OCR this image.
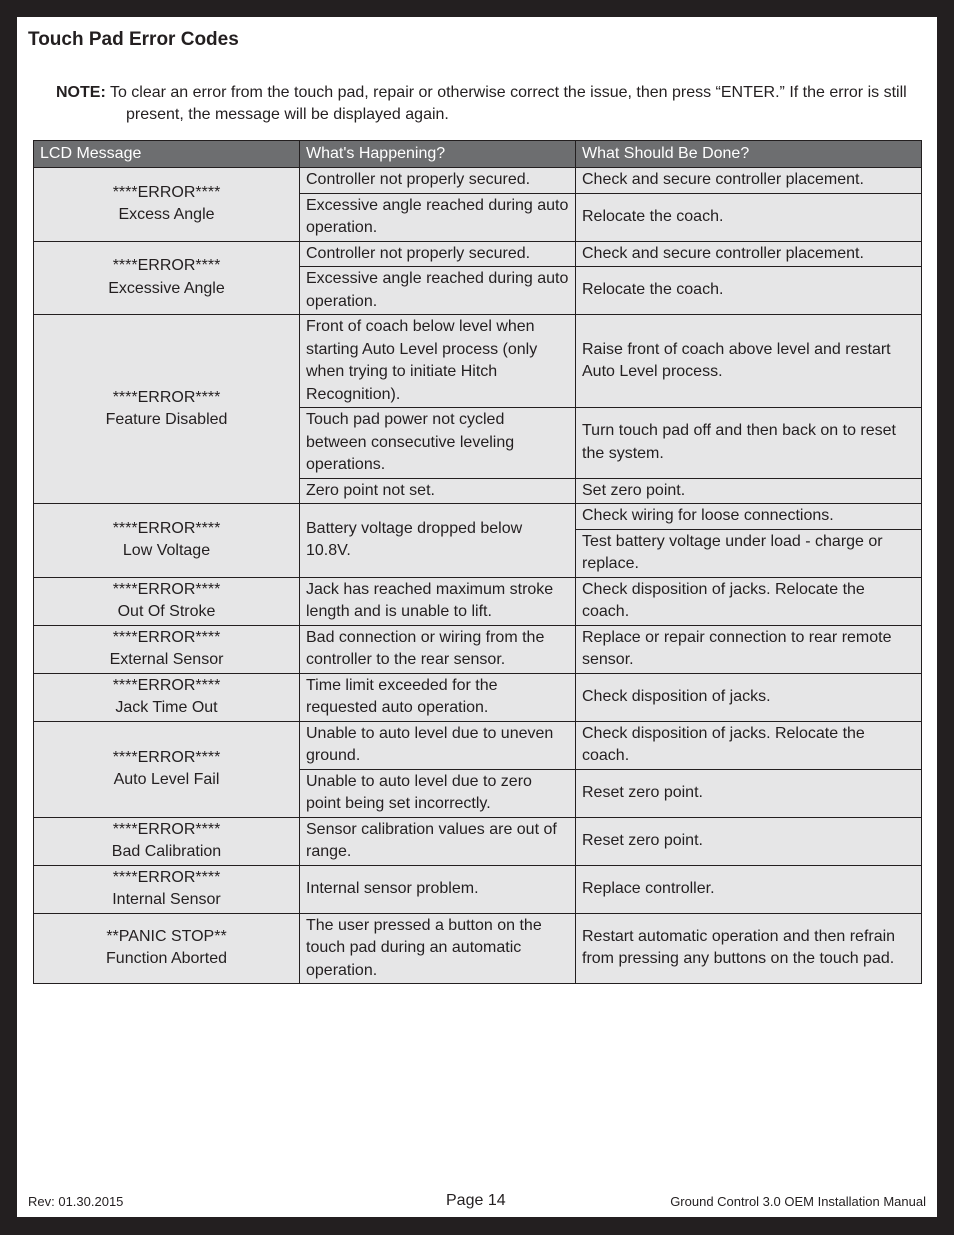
Touch Pad Error Codes
NOTE: To clear an error from the touch pad, repair or otherwise correct the issue, then press “ENTER.” If the error is still present, the message will be displayed again.
LCD Message	What's Happening?	What Should Be Done?

****ERROR****
Excess Angle	Controller not properly secured.	Check and secure controller placement.
	Excessive angle reached during auto operation.	Relocate the coach.

****ERROR****
Excessive Angle	Controller not properly secured.	Check and secure controller placement.
	Excessive angle reached during auto operation.	Relocate the coach.

****ERROR****
Feature Disabled	Front of coach below level when starting Auto Level process (only when trying to initiate Hitch Recognition).	Raise front of coach above level and restart Auto Level process.
	Touch pad power not cycled between consecutive leveling operations.	Turn touch pad off and then back on to reset the system.
	Zero point not set.	Set zero point.

****ERROR****
Low Voltage	Battery voltage dropped below 10.8V.	Check wiring for loose connections.
		Test battery voltage under load - charge or replace.

****ERROR****
Out Of Stroke	Jack has reached maximum stroke length and is unable to lift.	Check disposition of jacks. Relocate the coach.

****ERROR****
External Sensor	Bad connection or wiring from the controller to the rear sensor.	Replace or repair connection to rear remote sensor.

****ERROR****
Jack Time Out	Time limit exceeded for the requested auto operation.	Check disposition of jacks.

****ERROR****
Auto Level Fail	Unable to auto level due to uneven ground.	Check disposition of jacks. Relocate the coach.
	Unable to auto level due to zero point being set incorrectly.	Reset zero point.

****ERROR****
Bad Calibration	Sensor calibration values are out of range.	Reset zero point.

****ERROR****
Internal Sensor	Internal sensor problem.	Replace controller.

**PANIC STOP**
Function Aborted	The user pressed a button on the touch pad during an automatic operation.	Restart automatic operation and then refrain from pressing any buttons on the touch pad.
Rev: 01.30.2015	Page 14	Ground Control 3.0 OEM Installation Manual
